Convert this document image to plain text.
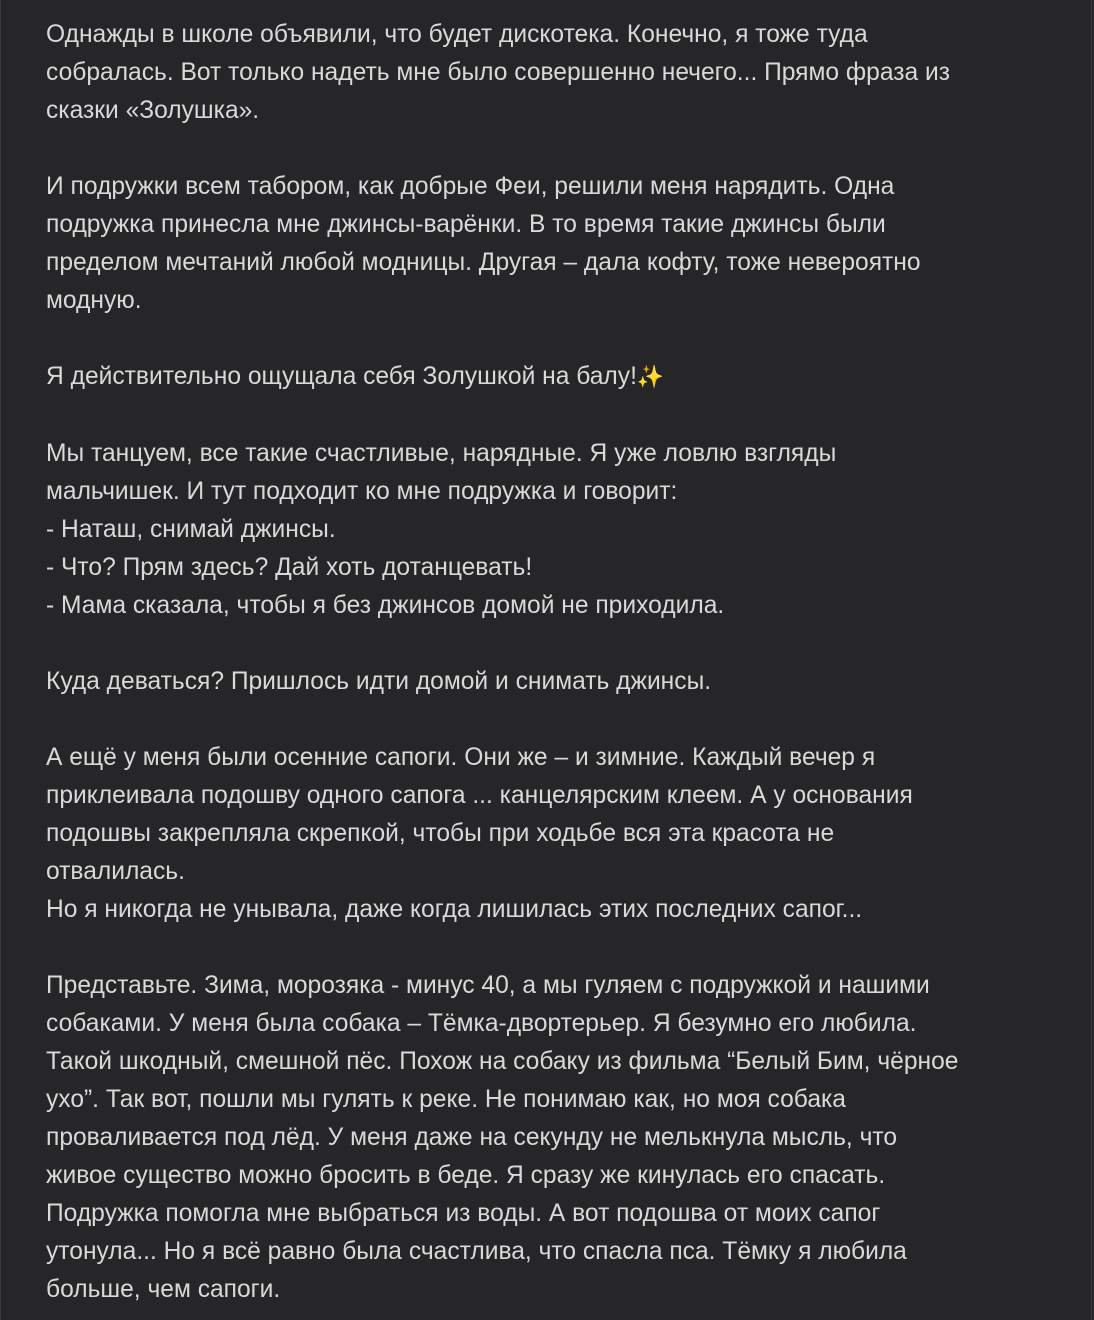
Однажды в школе объявили, что будет дискотека. Конечно, я тоже туда
собралась. Вот только надеть мне было совершенно нечего... Прямо фраза из
сказки «Золушка».
И подружки всем табором, как добрые Феи, решили меня нарядить. Одна
подружка принесла мне джинсы-варёнки. В то время такие джинсы были
пределом мечтаний любой модницы. Другая – дала кофту, тоже невероятно
модную.
Я действительно ощущала себя Золушкой на балу!✨
Мы танцуем, все такие счастливые, нарядные. Я уже ловлю взгляды
мальчишек. И тут подходит ко мне подружка и говорит:
- Наташ, снимай джинсы.
- Что? Прям здесь? Дай хоть дотанцевать!
- Мама сказала, чтобы я без джинсов домой не приходила.
Куда деваться? Пришлось идти домой и снимать джинсы.
А ещё у меня были осенние сапоги. Они же – и зимние. Каждый вечер я
приклеивала подошву одного сапога ... канцелярским клеем. А у основания
подошвы закрепляла скрепкой, чтобы при ходьбе вся эта красота не
отвалилась.
Но я никогда не унывала, даже когда лишилась этих последних сапог...
Представьте. Зима, морозяка - минус 40, а мы гуляем с подружкой и нашими
собаками. У меня была собака – Тёмка-двортерьер. Я безумно его любила.
Такой шкодный, смешной пёс. Похож на собаку из фильма “Белый Бим, чёрное
ухо”. Так вот, пошли мы гулять к реке. Не понимаю как, но моя собака
проваливается под лёд. У меня даже на секунду не мелькнула мысль, что
живое существо можно бросить в беде. Я сразу же кинулась его спасать.
Подружка помогла мне выбраться из воды. А вот подошва от моих сапог
утонула... Но я всё равно была счастлива, что спасла пса. Тёмку я любила
больше, чем сапоги.
